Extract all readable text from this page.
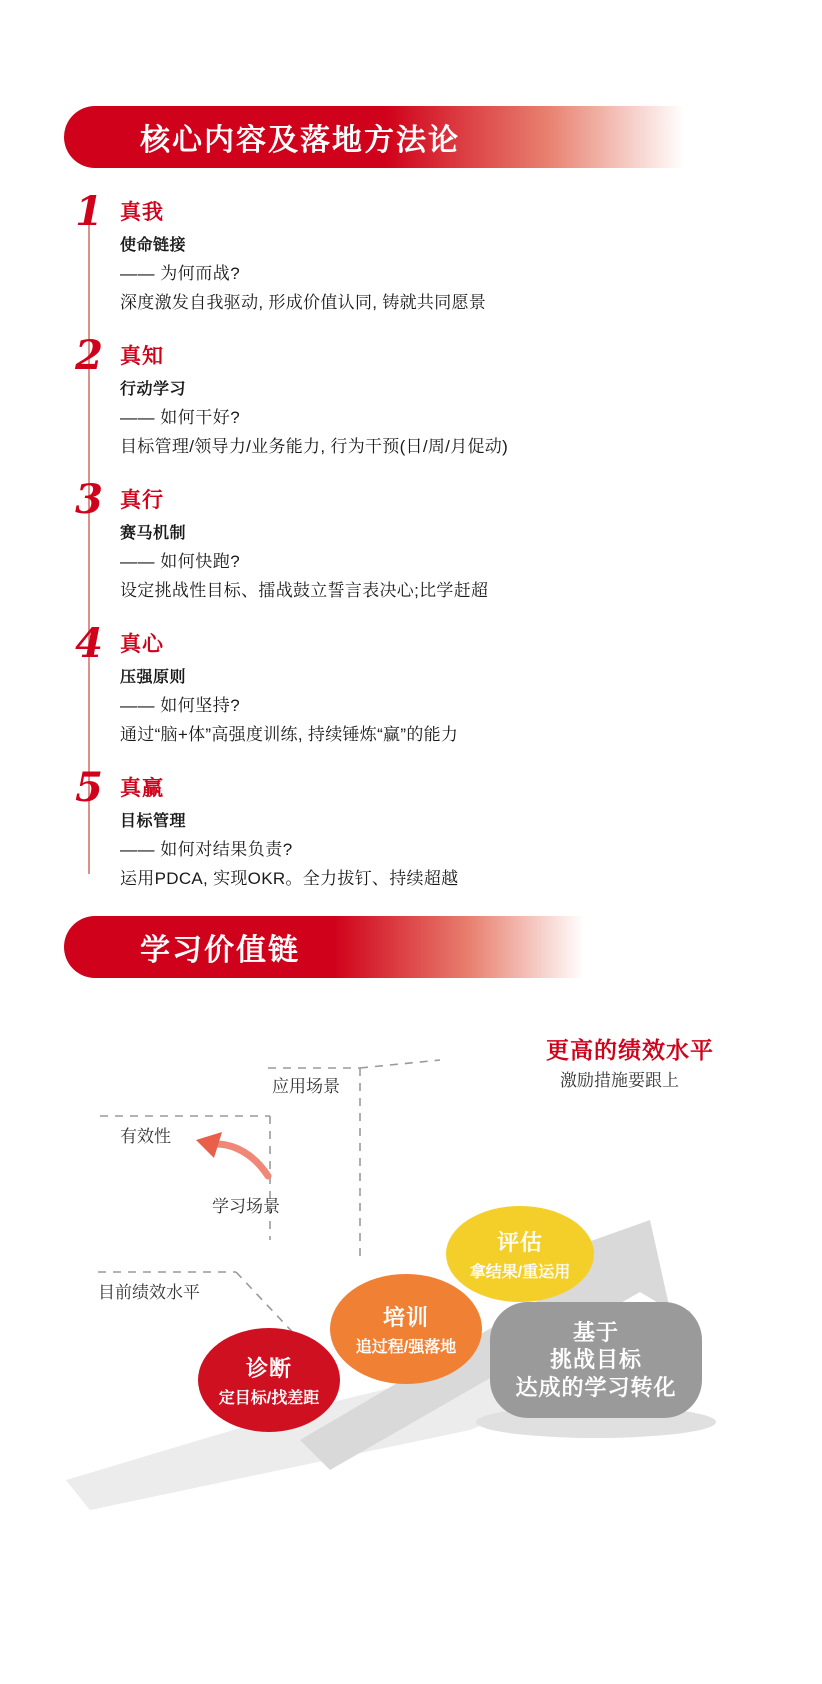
核心内容及落地方法论
1 真我

使命链接

—— 为何而战?

深度激发自我驱动, 形成价值认同, 铸就共同愿景

2 真知

行动学习

—— 如何干好?

目标管理/领导力/业务能力, 行为干预(日/周/月促动)

3 真行

赛马机制

—— 如何快跑?

设定挑战性目标、擂战鼓立誓言表决心;比学赶超

4 真心

压强原则

—— 如何坚持?

通过“脑+体”高强度训练, 持续锤炼“赢”的能力

5 真赢

目标管理

—— 如何对结果负责?

运用PDCA, 实现OKR。全力拔钉、持续超越

学习价值链
应用场景
有效性
学习场景
目前绩效水平
更高的绩效水平
激励措施要跟上
基于
挑战目标
达成的学习转化
评估
拿结果/重运用
培训
追过程/强落地
诊断
定目标/找差距
